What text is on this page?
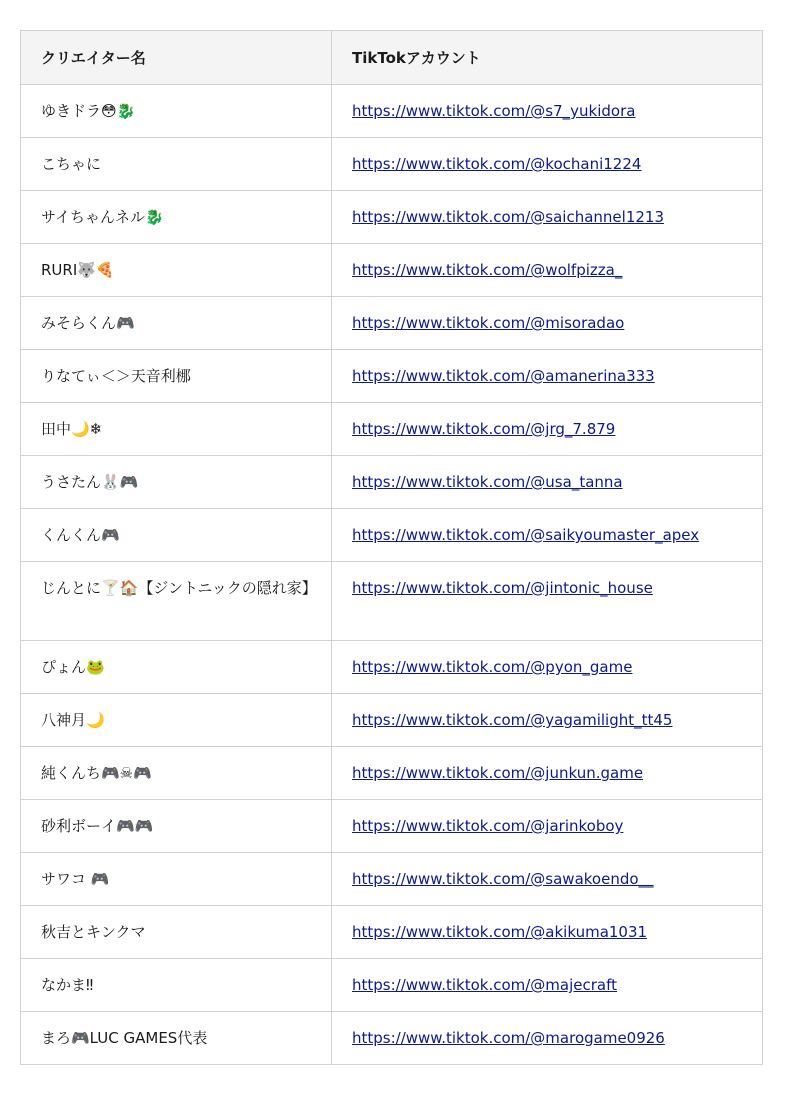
クリエイター名	TikTokアカウント
ゆきドラ😳🐉	https://www.tiktok.com/@s7_yukidora
こちゃに	https://www.tiktok.com/@kochani1224
サイちゃんネル🐉	https://www.tiktok.com/@saichannel1213
RURI🐺🍕	https://www.tiktok.com/@wolfpizza_
みそらくん🎮	https://www.tiktok.com/@misoradao
りなてぃ＜＞天音利梛	https://www.tiktok.com/@amanerina333
田中🌙❄	https://www.tiktok.com/@jrg_7.879
うさたん🐰🎮	https://www.tiktok.com/@usa_tanna
くんくん🎮	https://www.tiktok.com/@saikyoumaster_apex
じんとに🍸🏠【ジントニックの隠れ家】	https://www.tiktok.com/@jintonic_house
ぴょん🐸	https://www.tiktok.com/@pyon_game
八神月🌙	https://www.tiktok.com/@yagamilight_tt45
純くんち🎮☠🎮	https://www.tiktok.com/@junkun.game
砂利ボーイ🎮🎮	https://www.tiktok.com/@jarinkoboy
サワコ 🎮	https://www.tiktok.com/@sawakoendo__
秋吉とキンクマ	https://www.tiktok.com/@akikuma1031
なかま‼	https://www.tiktok.com/@majecraft
まろ🎮LUC GAMES代表	https://www.tiktok.com/@marogame0926
